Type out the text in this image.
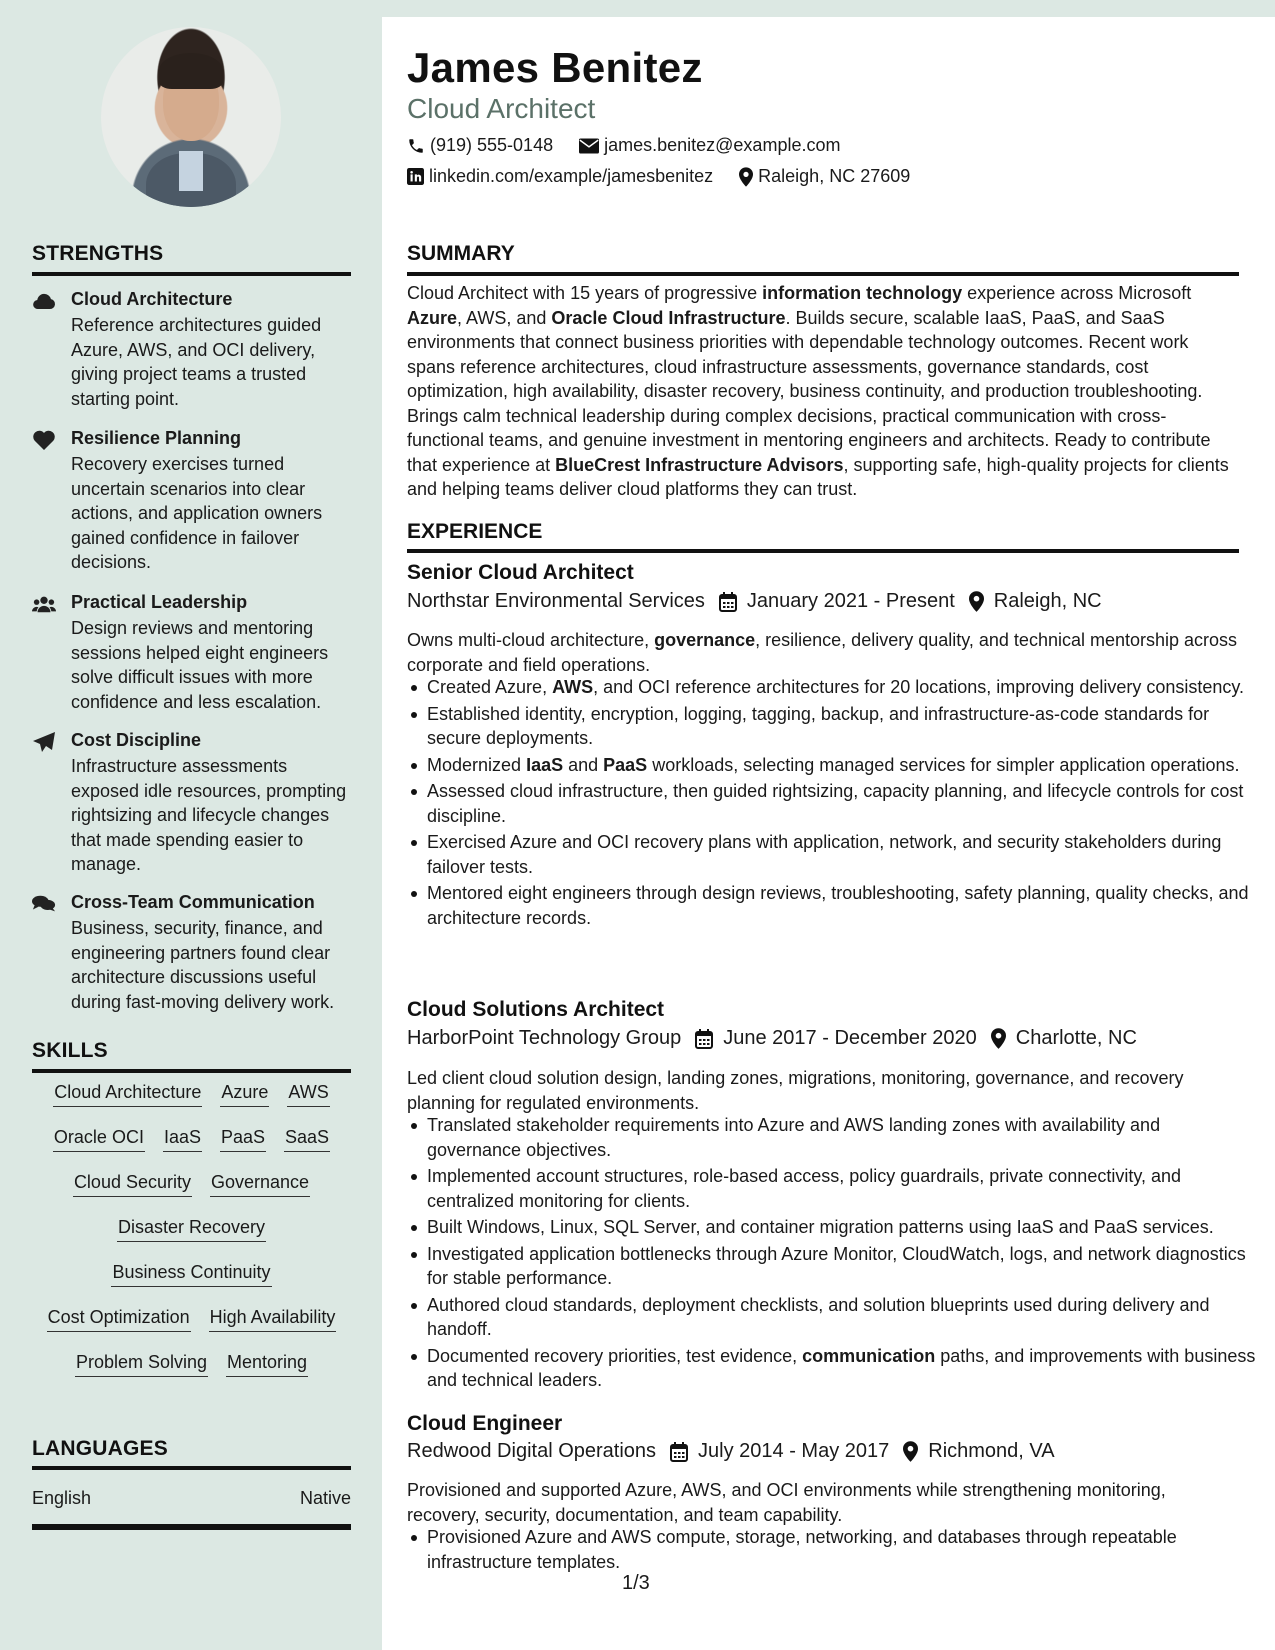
STRENGTHS
Cloud Architecture
Reference architectures guided Azure, AWS, and OCI delivery, giving project teams a trusted starting point.
Resilience Planning
Recovery exercises turned uncertain scenarios into clear actions, and application owners gained confidence in failover decisions.
Practical Leadership
Design reviews and mentoring sessions helped eight engineers solve difficult issues with more confidence and less escalation.
Cost Discipline
Infrastructure assessments exposed idle resources, prompting rightsizing and lifecycle changes that made spending easier to manage.
Cross-Team Communication
Business, security, finance, and engineering partners found clear architecture discussions useful during fast-moving delivery work.
SKILLS
Cloud Architecture Azure AWS
Oracle OCI IaaS PaaS SaaS
Cloud Security Governance
Disaster Recovery
Business Continuity
Cost Optimization High Availability
Problem Solving Mentoring
LANGUAGES
English	Native
James Benitez
Cloud Architect
(919) 555-0148	james.benitez@example.com
linkedin.com/example/jamesbenitez	Raleigh, NC 27609
SUMMARY
Cloud Architect with 15 years of progressive information technology experience across Microsoft Azure, AWS, and Oracle Cloud Infrastructure. Builds secure, scalable IaaS, PaaS, and SaaS environments that connect business priorities with dependable technology outcomes. Recent work spans reference architectures, cloud infrastructure assessments, governance standards, cost optimization, high availability, disaster recovery, business continuity, and production troubleshooting. Brings calm technical leadership during complex decisions, practical communication with cross-functional teams, and genuine investment in mentoring engineers and architects. Ready to contribute that experience at BlueCrest Infrastructure Advisors, supporting safe, high-quality projects for clients and helping teams deliver cloud platforms they can trust.
EXPERIENCE
Senior Cloud Architect
Northstar Environmental Services January 2021 - Present Raleigh, NC
Owns multi-cloud architecture, governance, resilience, delivery quality, and technical mentorship across corporate and field operations.
Created Azure, AWS, and OCI reference architectures for 20 locations, improving delivery consistency.
Established identity, encryption, logging, tagging, backup, and infrastructure-as-code standards for secure deployments.
Modernized IaaS and PaaS workloads, selecting managed services for simpler application operations.
Assessed cloud infrastructure, then guided rightsizing, capacity planning, and lifecycle controls for cost discipline.
Exercised Azure and OCI recovery plans with application, network, and security stakeholders during failover tests.
Mentored eight engineers through design reviews, troubleshooting, safety planning, quality checks, and architecture records.
Cloud Solutions Architect
HarborPoint Technology Group June 2017 - December 2020 Charlotte, NC
Led client cloud solution design, landing zones, migrations, monitoring, governance, and recovery planning for regulated environments.
Translated stakeholder requirements into Azure and AWS landing zones with availability and governance objectives.
Implemented account structures, role-based access, policy guardrails, private connectivity, and centralized monitoring for clients.
Built Windows, Linux, SQL Server, and container migration patterns using IaaS and PaaS services.
Investigated application bottlenecks through Azure Monitor, CloudWatch, logs, and network diagnostics for stable performance.
Authored cloud standards, deployment checklists, and solution blueprints used during delivery and handoff.
Documented recovery priorities, test evidence, communication paths, and improvements with business and technical leaders.
Cloud Engineer
Redwood Digital Operations July 2014 - May 2017 Richmond, VA
Provisioned and supported Azure, AWS, and OCI environments while strengthening monitoring, recovery, security, documentation, and team capability.
Provisioned Azure and AWS compute, storage, networking, and databases through repeatable infrastructure templates.
1/3
